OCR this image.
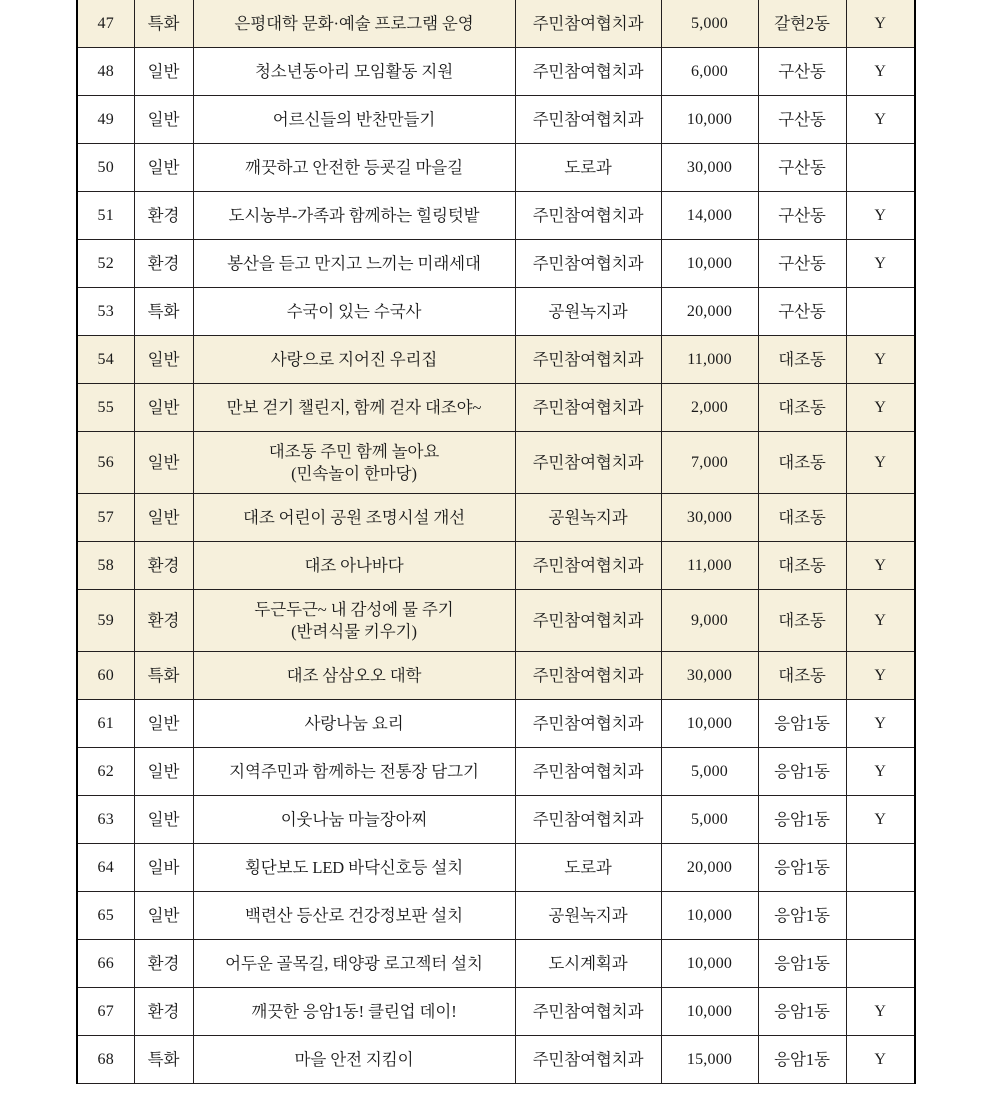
47	특화	은평대학 문화·예술 프로그램 운영	주민참여협치과	5,000	갈현2동	Y
48	일반	청소년동아리 모임활동 지원	주민참여협치과	6,000	구산동	Y
49	일반	어르신들의 반찬만들기	주민참여협치과	10,000	구산동	Y
50	일반	깨끗하고 안전한 등굣길 마을길	도로과	30,000	구산동	
51	환경	도시농부-가족과 함께하는 힐링텃밭	주민참여협치과	14,000	구산동	Y
52	환경	봉산을 듣고 만지고 느끼는 미래세대	주민참여협치과	10,000	구산동	Y
53	특화	수국이 있는 수국사	공원녹지과	20,000	구산동	
54	일반	사랑으로 지어진 우리집	주민참여협치과	11,000	대조동	Y
55	일반	만보 걷기 챌린지, 함께 걷자 대조야~	주민참여협치과	2,000	대조동	Y
56	일반	대조동 주민 함께 놀아요
(민속놀이 한마당)	주민참여협치과	7,000	대조동	Y
57	일반	대조 어린이 공원 조명시설 개선	공원녹지과	30,000	대조동	
58	환경	대조 아나바다	주민참여협치과	11,000	대조동	Y
59	환경	두근두근~ 내 감성에 물 주기
(반려식물 키우기)	주민참여협치과	9,000	대조동	Y
60	특화	대조 삼삼오오 대학	주민참여협치과	30,000	대조동	Y
61	일반	사랑나눔 요리	주민참여협치과	10,000	응암1동	Y
62	일반	지역주민과 함께하는 전통장 담그기	주민참여협치과	5,000	응암1동	Y
63	일반	이웃나눔 마늘장아찌	주민참여협치과	5,000	응암1동	Y
64	일바	횡단보도 LED 바닥신호등 설치	도로과	20,000	응암1동	
65	일반	백련산 등산로 건강정보판 설치	공원녹지과	10,000	응암1동	
66	환경	어두운 골목길, 태양광 로고젝터 설치	도시계획과	10,000	응암1동	
67	환경	깨끗한 응암1동! 클린업 데이!	주민참여협치과	10,000	응암1동	Y
68	특화	마을 안전 지킴이	주민참여협치과	15,000	응암1동	Y
